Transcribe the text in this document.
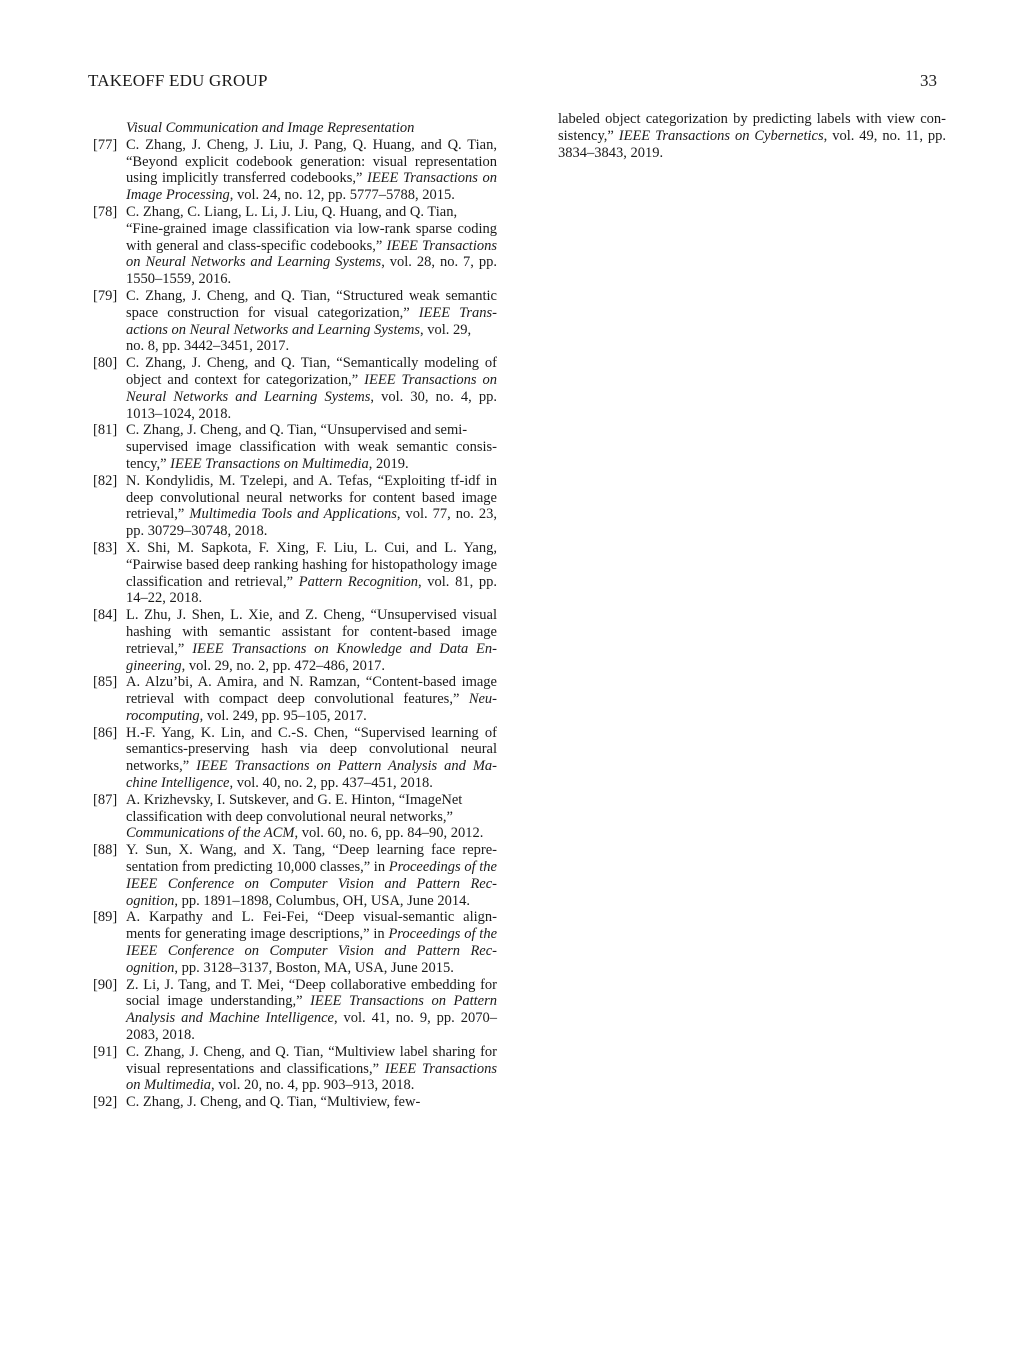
TAKEOFF EDU GROUP	33

Visual Communication and Image Representation

[77] C. Zhang, J. Cheng, J. Liu, J. Pang, Q. Huang, and Q. Tian, “Beyond explicit codebook generation: visual representation using implicitly transferred codebooks,” IEEE Transactions on Image Processing, vol. 24, no. 12, pp. 5777–5788, 2015.

[78] C. Zhang, C. Liang, L. Li, J. Liu, Q. Huang, and Q. Tian,

“Fine-grained image classification via low-rank sparse coding with general and class-specific codebooks,” IEEE Transactions on Neural Networks and Learning Systems, vol. 28, no. 7, pp. 1550–1559, 2016.

[79] C. Zhang, J. Cheng, and Q. Tian, “Structured weak semantic space construction for visual categorization,” IEEE Trans- actions on Neural Networks and Learning Systems, vol. 29,

no. 8, pp. 3442–3451, 2017.

[80] C. Zhang, J. Cheng, and Q. Tian, “Semantically modeling of object and context for categorization,” IEEE Transactions on Neural Networks and Learning Systems, vol. 30, no. 4, pp. 1013–1024, 2018.

[81] C. Zhang, J. Cheng, and Q. Tian, “Unsupervised and semi-

supervised image classification with weak semantic consis- tency,” IEEE Transactions on Multimedia, 2019.

[82] N. Kondylidis, M. Tzelepi, and A. Tefas, “Exploiting tf-idf in deep convolutional neural networks for content based image retrieval,” Multimedia Tools and Applications, vol. 77, no. 23, pp. 30729–30748, 2018.

[83] X. Shi, M. Sapkota, F. Xing, F. Liu, L. Cui, and L. Yang, “Pairwise based deep ranking hashing for histopathology image classification and retrieval,” Pattern Recognition, vol. 81, pp. 14–22, 2018.

[84] L. Zhu, J. Shen, L. Xie, and Z. Cheng, “Unsupervised visual hashing with semantic assistant for content-based image retrieval,” IEEE Transactions on Knowledge and Data En- gineering, vol. 29, no. 2, pp. 472–486, 2017.

[85] A. Alzu’bi, A. Amira, and N. Ramzan, “Content-based image retrieval with compact deep convolutional features,” Neu- rocomputing, vol. 249, pp. 95–105, 2017.

[86] H.-F. Yang, K. Lin, and C.-S. Chen, “Supervised learning of semantics-preserving hash via deep convolutional neural networks,” IEEE Transactions on Pattern Analysis and Ma- chine Intelligence, vol. 40, no. 2, pp. 437–451, 2018.

[87] A. Krizhevsky, I. Sutskever, and G. E. Hinton, “ImageNet

classification with deep convolutional neural networks,”

Communications of the ACM, vol. 60, no. 6, pp. 84–90, 2012.

[88] Y. Sun, X. Wang, and X. Tang, “Deep learning face repre- sentation from predicting 10,000 classes,” in Proceedings of the IEEE Conference on Computer Vision and Pattern Rec- ognition, pp. 1891–1898, Columbus, OH, USA, June 2014.

[89] A. Karpathy and L. Fei-Fei, “Deep visual-semantic align- ments for generating image descriptions,” in Proceedings of the IEEE Conference on Computer Vision and Pattern Rec- ognition, pp. 3128–3137, Boston, MA, USA, June 2015.

[90] Z. Li, J. Tang, and T. Mei, “Deep collaborative embedding for social image understanding,” IEEE Transactions on Pattern Analysis and Machine Intelligence, vol. 41, no. 9, pp. 2070– 2083, 2018.

[91] C. Zhang, J. Cheng, and Q. Tian, “Multiview label sharing for visual representations and classifications,” IEEE Transactions on Multimedia, vol. 20, no. 4, pp. 903–913, 2018.

[92] C. Zhang, J. Cheng, and Q. Tian, “Multiview, few-

labeled object categorization by predicting labels with view con- sistency,” IEEE Transactions on Cybernetics, vol. 49, no. 11, pp. 3834–3843, 2019.
